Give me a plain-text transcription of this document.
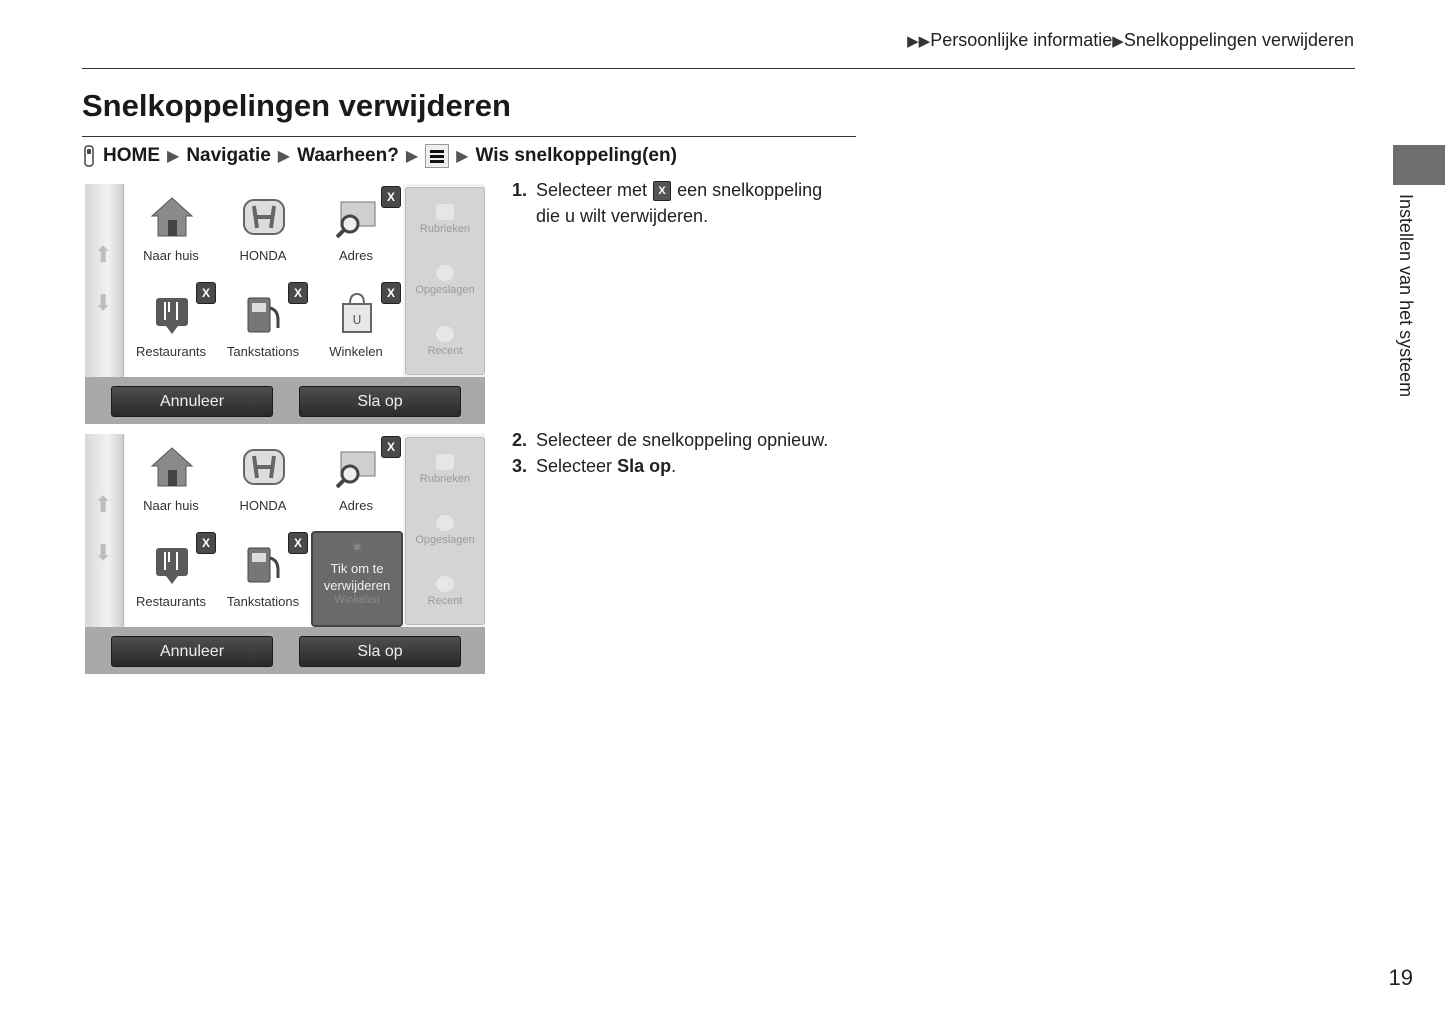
▶▶Persoonlijke informatie▶Snelkoppelingen verwijderen
Snelkoppelingen verwijderen
HOME ▶ Navigatie ▶ Waarheen? ▶ ▶ Wis snelkoppeling(en)
⬆
⬇
Naar huis	HONDA	Adres
Restaurants	Tankstations
U
Winkelen
X
X	X	X
Rubrieken
Opgeslagen
Recent
Annuleer	Sla op
⬆
⬇
Naar huis	HONDA	Adres
Restaurants	Tankstations
X
X	X	✱
Tik om te verwijderen
Winkelen
Rubrieken
Opgeslagen
Recent
Annuleer	Sla op
1. Selecteer met X een snelkoppeling
die u wilt verwijderen.
2. Selecteer de snelkoppeling opnieuw.
3. Selecteer Sla op.
Instellen van het systeem
19
